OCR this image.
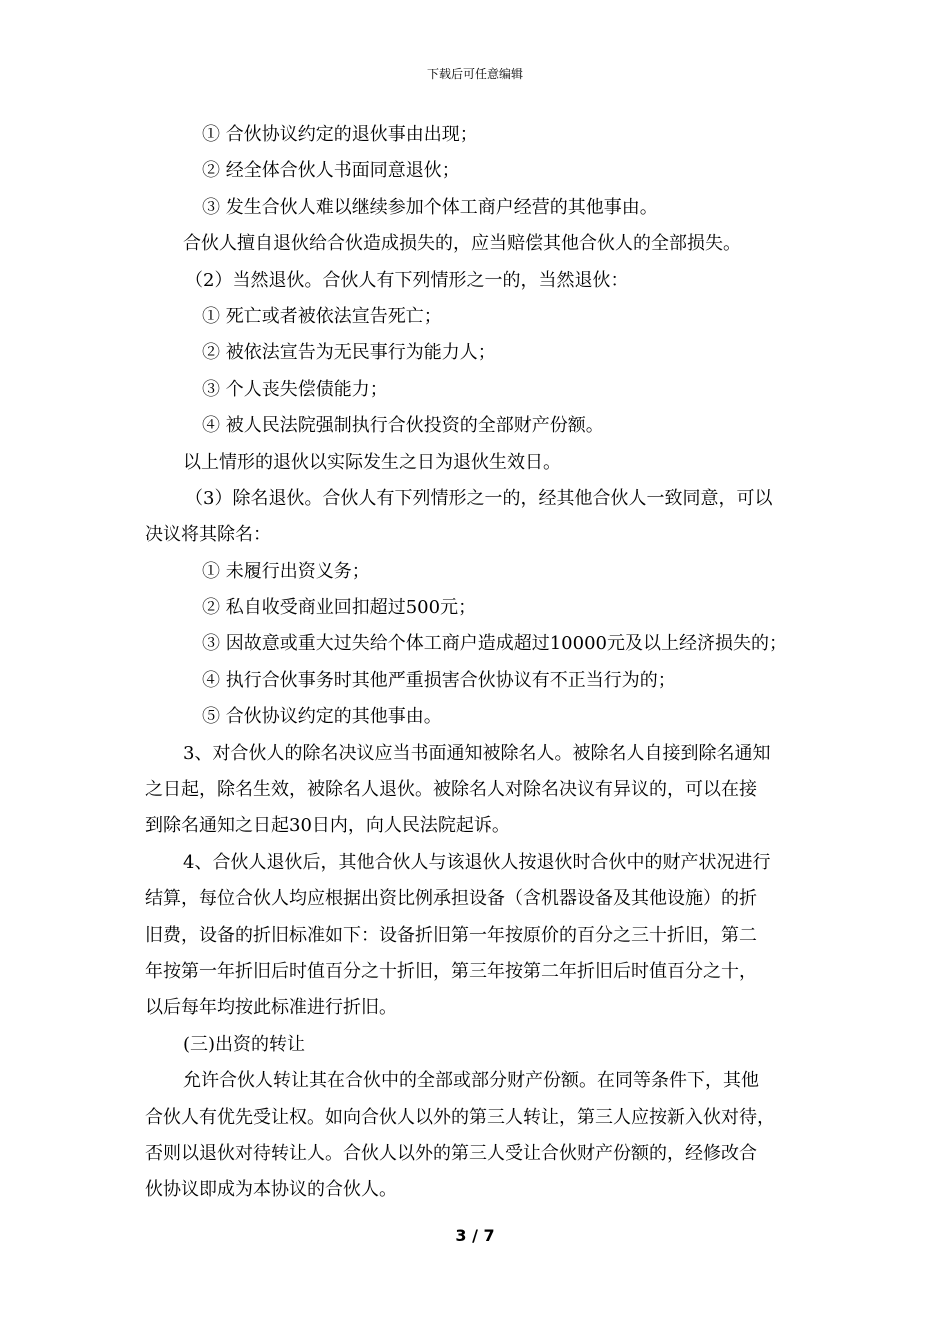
下载后可任意编辑
① 合伙协议约定的退伙事由出现；
② 经全体合伙人书面同意退伙；
③ 发生合伙人难以继续参加个体工商户经营的其他事由。
合伙人擅自退伙给合伙造成损失的，应当赔偿其他合伙人的全部损失。
（2）当然退伙。合伙人有下列情形之一的，当然退伙：
① 死亡或者被依法宣告死亡；
② 被依法宣告为无民事行为能力人；
③ 个人丧失偿债能力；
④ 被人民法院强制执行合伙投资的全部财产份额。
以上情形的退伙以实际发生之日为退伙生效日。
（3）除名退伙。合伙人有下列情形之一的，经其他合伙人一致同意，可以
决议将其除名：
① 未履行出资义务；
② 私自收受商业回扣超过500元；
③ 因故意或重大过失给个体工商户造成超过10000元及以上经济损失的；
④ 执行合伙事务时其他严重损害合伙协议有不正当行为的；
⑤ 合伙协议约定的其他事由。
3、对合伙人的除名决议应当书面通知被除名人。被除名人自接到除名通知
之日起，除名生效，被除名人退伙。被除名人对除名决议有异议的，可以在接
到除名通知之日起30日内，向人民法院起诉。
4、合伙人退伙后，其他合伙人与该退伙人按退伙时合伙中的财产状况进行
结算，每位合伙人均应根据出资比例承担设备（含机器设备及其他设施）的折
旧费，设备的折旧标准如下：设备折旧第一年按原价的百分之三十折旧，第二
年按第一年折旧后时值百分之十折旧，第三年按第二年折旧后时值百分之十，
以后每年均按此标准进行折旧。
(三)出资的转让
允许合伙人转让其在合伙中的全部或部分财产份额。在同等条件下，其他
合伙人有优先受让权。如向合伙人以外的第三人转让，第三人应按新入伙对待，
否则以退伙对待转让人。合伙人以外的第三人受让合伙财产份额的，经修改合
伙协议即成为本协议的合伙人。
3 / 7
